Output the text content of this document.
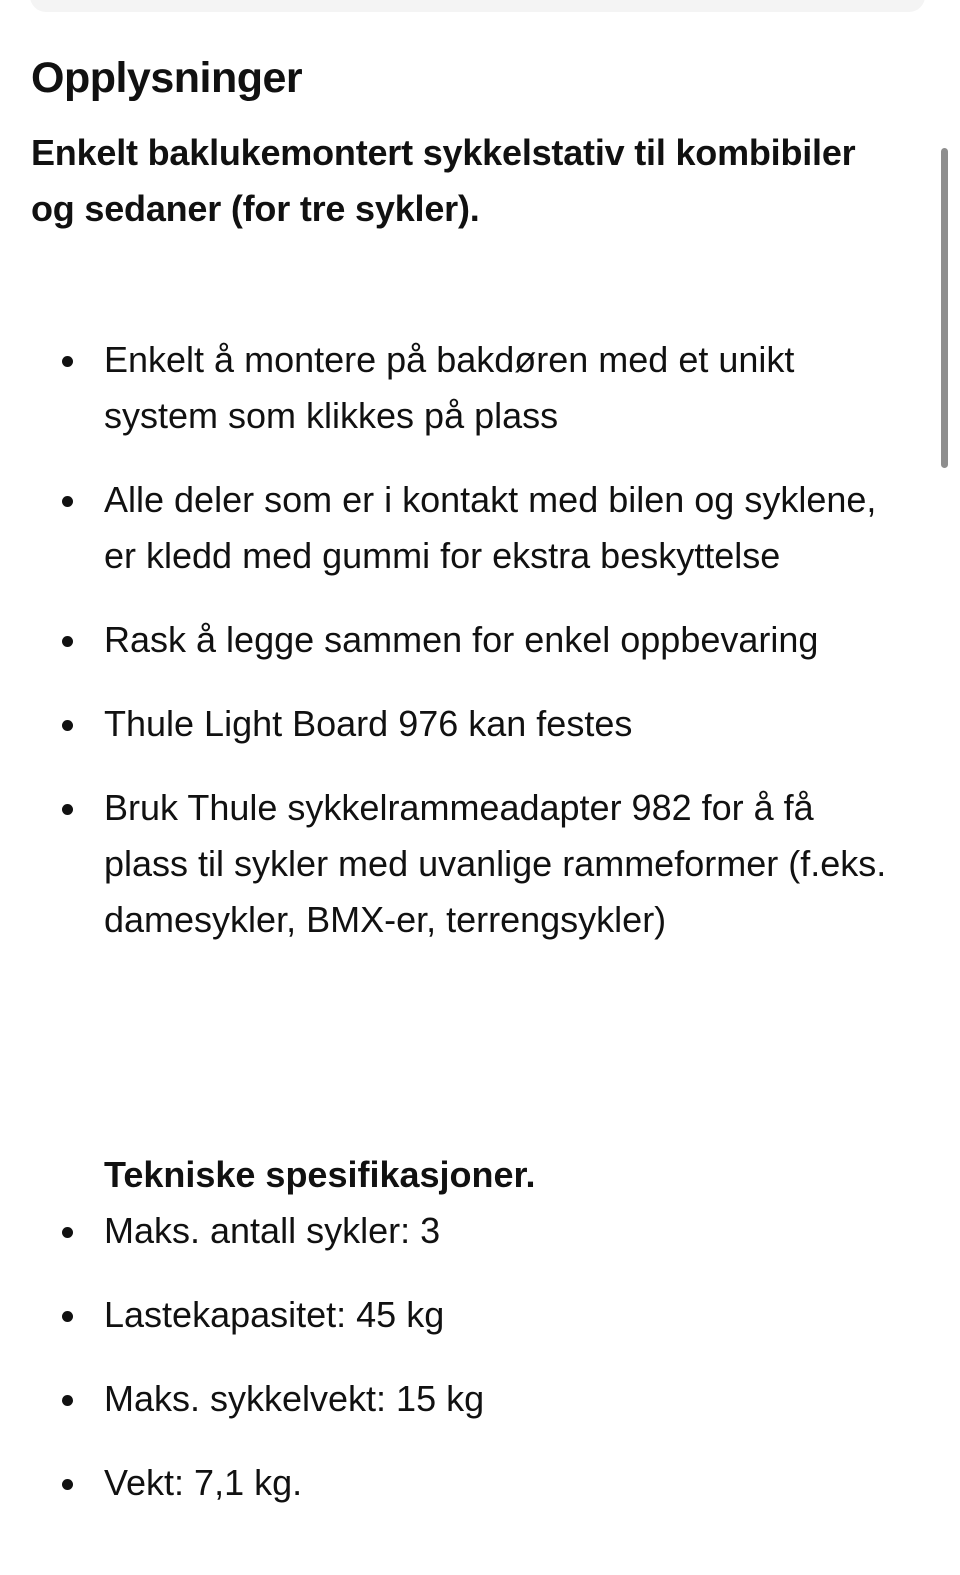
Opplysninger

Enkelt baklukemontert sykkelstativ til kombibiler og sedaner (for tre sykler).

Enkelt å montere på bakdøren med et unikt system som klikkes på plass
Alle deler som er i kontakt med bilen og syklene, er kledd med gummi for ekstra beskyttelse
Rask å legge sammen for enkel oppbevaring
Thule Light Board 976 kan festes
Bruk Thule sykkelrammeadapter 982 for å få plass til sykler med uvanlige rammeformer (f.eks. damesykler, BMX-er, terrengsykler)
Tekniske spesifikasjoner.
Maks. antall sykler: 3
Lastekapasitet: 45 kg
Maks. sykkelvekt: 15 kg
Vekt: 7,1 kg.
